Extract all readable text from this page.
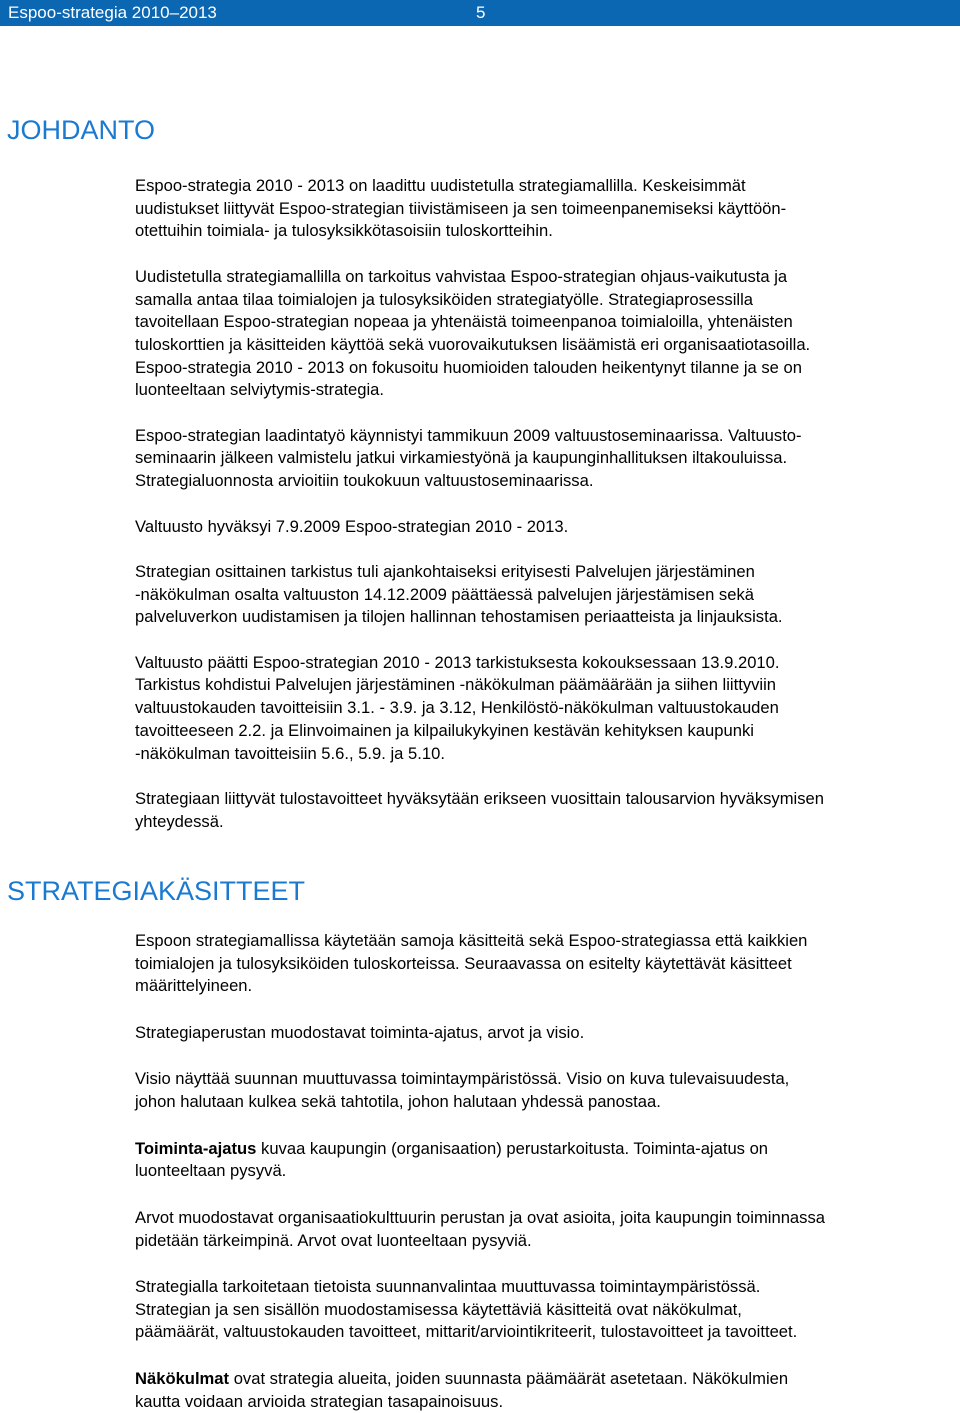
Espoo-strategia 2010–2013	5
JOHDANTO

Espoo-strategia 2010 - 2013 on laadittu uudistetulla strategiamallilla. Keskeisimmät
uudistukset liittyvät Espoo-strategian tiivistämiseen ja sen toimeenpanemiseksi käyttöön-
otettuihin toimiala- ja tulosyksikkötasoisiin tuloskortteihin.

Uudistetulla strategiamallilla on tarkoitus vahvistaa Espoo-strategian ohjaus-vaikutusta ja
samalla antaa tilaa toimialojen ja tulosyksiköiden strategiatyölle. Strategiaprosessilla
tavoitellaan Espoo-strategian nopeaa ja yhtenäistä toimeenpanoa toimialoilla, yhtenäisten
tuloskorttien ja käsitteiden käyttöä sekä vuorovaikutuksen lisäämistä eri organisaatiotasoilla.
Espoo-strategia 2010 - 2013 on fokusoitu huomioiden talouden heikentynyt tilanne ja se on
luonteeltaan selviytymis-strategia.

Espoo-strategian laadintatyö käynnistyi tammikuun 2009 valtuustoseminaarissa. Valtuusto-
seminaarin jälkeen valmistelu jatkui virkamiestyönä ja kaupunginhallituksen iltakouluissa.
Strategialuonnosta arvioitiin toukokuun valtuustoseminaarissa.

Valtuusto hyväksyi 7.9.2009 Espoo-strategian 2010 - 2013.

Strategian osittainen tarkistus tuli ajankohtaiseksi erityisesti Palvelujen järjestäminen
-näkökulman osalta valtuuston 14.12.2009 päättäessä palvelujen järjestämisen sekä
palveluverkon uudistamisen ja tilojen hallinnan tehostamisen periaatteista ja linjauksista.

Valtuusto päätti Espoo-strategian 2010 - 2013 tarkistuksesta kokouksessaan 13.9.2010.
Tarkistus kohdistui Palvelujen järjestäminen -näkökulman päämäärään ja siihen liittyviin
valtuustokauden tavoitteisiin 3.1. - 3.9. ja 3.12, Henkilöstö-näkökulman valtuustokauden
tavoitteeseen 2.2. ja Elinvoimainen ja kilpailukykyinen kestävän kehityksen kaupunki
-näkökulman tavoitteisiin 5.6., 5.9. ja 5.10.

Strategiaan liittyvät tulostavoitteet hyväksytään erikseen vuosittain talousarvion hyväksymisen
yhteydessä.

STRATEGIAKÄSITTEET

Espoon strategiamallissa käytetään samoja käsitteitä sekä Espoo-strategiassa että kaikkien
toimialojen ja tulosyksiköiden tuloskorteissa. Seuraavassa on esitelty käytettävät käsitteet
määrittelyineen.

Strategiaperustan muodostavat toiminta-ajatus, arvot ja visio.

Visio näyttää suunnan muuttuvassa toimintaympäristössä. Visio on kuva tulevaisuudesta,
johon halutaan kulkea sekä tahtotila, johon halutaan yhdessä panostaa.

Toiminta-ajatus kuvaa kaupungin (organisaation) perustarkoitusta. Toiminta-ajatus on
luonteeltaan pysyvä.

Arvot muodostavat organisaatiokulttuurin perustan ja ovat asioita, joita kaupungin toiminnassa
pidetään tärkeimpinä. Arvot ovat luonteeltaan pysyviä.

Strategialla tarkoitetaan tietoista suunnanvalintaa muuttuvassa toimintaympäristössä.
Strategian ja sen sisällön muodostamisessa käytettäviä käsitteitä ovat näkökulmat,
päämäärät, valtuustokauden tavoitteet, mittarit/arviointikriteerit, tulostavoitteet ja tavoitteet.

Näkökulmat ovat strategia alueita, joiden suunnasta päämäärät asetetaan. Näkökulmien
kautta voidaan arvioida strategian tasapainoisuus.
